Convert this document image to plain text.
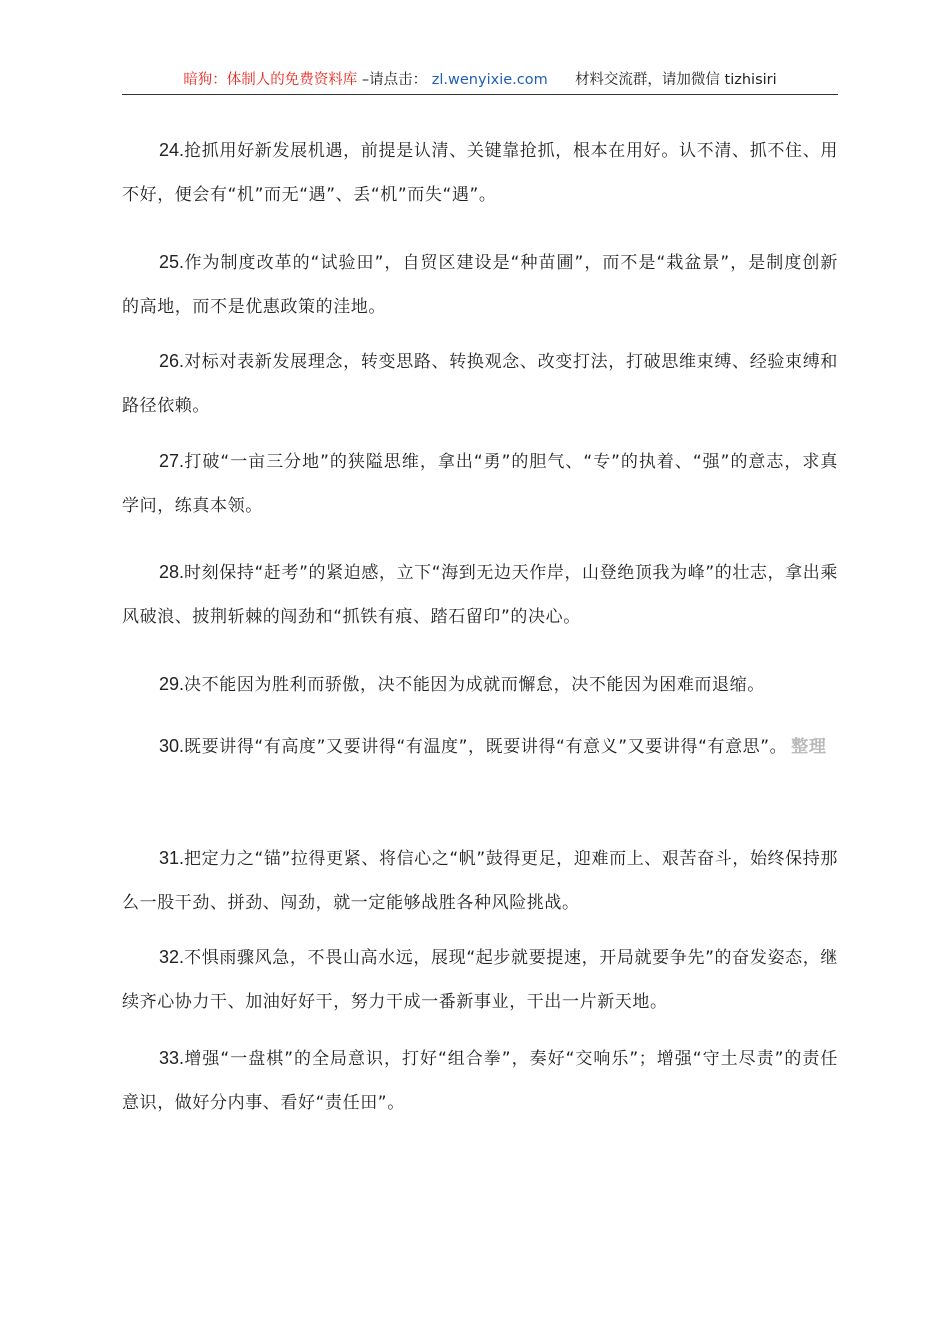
暗狗：体制人的免费资料库 –请点击： zl.wenyixie.com 材料交流群，请加微信 tizhisiri
24.抢抓用好新发展机遇，前提是认清、关键靠抢抓，根本在用好。认不清、抓不住、用不好，便会有“机”而无“遇”、丢“机”而失“遇”。
25.作为制度改革的“试验田”，自贸区建设是“种苗圃”，而不是“栽盆景”，是制度创新的高地，而不是优惠政策的洼地。
26.对标对表新发展理念，转变思路、转换观念、改变打法，打破思维束缚、经验束缚和路径依赖。
27.打破“一亩三分地”的狭隘思维，拿出“勇”的胆气、“专”的执着、“强”的意志，求真学问，练真本领。
28.时刻保持“赶考”的紧迫感，立下“海到无边天作岸，山登绝顶我为峰”的壮志，拿出乘风破浪、披荆斩棘的闯劲和“抓铁有痕、踏石留印”的决心。
29.决不能因为胜利而骄傲，决不能因为成就而懈怠，决不能因为困难而退缩。
30.既要讲得“有高度”又要讲得“有温度”，既要讲得“有意义”又要讲得“有意思”。 整理
31.把定力之“锚”拉得更紧、将信心之“帆”鼓得更足，迎难而上、艰苦奋斗，始终保持那么一股干劲、拼劲、闯劲，就一定能够战胜各种风险挑战。
32.不惧雨骤风急，不畏山高水远，展现“起步就要提速，开局就要争先”的奋发姿态，继续齐心协力干、加油好好干，努力干成一番新事业，干出一片新天地。
33.增强“一盘棋”的全局意识，打好“组合拳”，奏好“交响乐”；增强“守土尽责”的责任意识，做好分内事、看好“责任田”。
